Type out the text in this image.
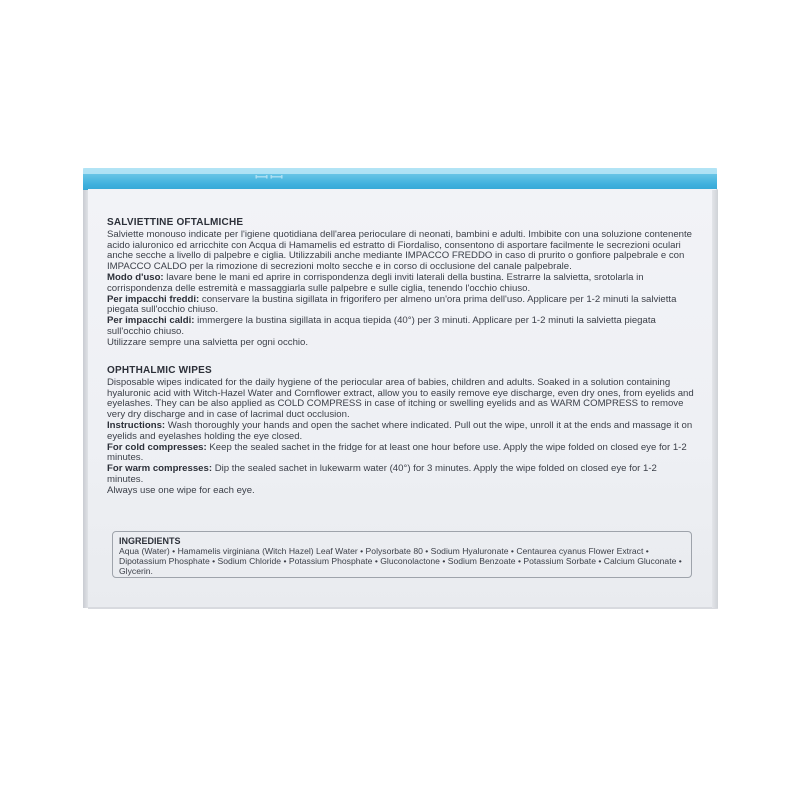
ꟷꟷ
SALVIETTINE OFTALMICHE

Salviette monouso indicate per l'igiene quotidiana dell'area perioculare di neonati, bambini e adulti. Imbibite con una soluzione contenente acido ialuronico ed arricchite con Acqua di Hamamelis ed estratto di Fiordaliso, consentono di asportare facilmente le secrezioni oculari anche secche a livello di palpebre e ciglia. Utilizzabili anche mediante IMPACCO FREDDO in caso di prurito o gonfiore palpebrale e con IMPACCO CALDO per la rimozione di secrezioni molto secche e in corso di occlusione del canale palpebrale.

Modo d'uso: lavare bene le mani ed aprire in corrispondenza degli inviti laterali della bustina. Estrarre la salvietta, srotolarla in corrispondenza delle estremità e massaggiarla sulle palpebre e sulle ciglia, tenendo l'occhio chiuso.

Per impacchi freddi: conservare la bustina sigillata in frigorifero per almeno un'ora prima dell'uso. Applicare per 1-2 minuti la salvietta piegata sull'occhio chiuso.

Per impacchi caldi: immergere la bustina sigillata in acqua tiepida (40°) per 3 minuti. Applicare per 1-2 minuti la salvietta piegata sull'occhio chiuso.

Utilizzare sempre una salvietta per ogni occhio.

OPHTHALMIC WIPES

Disposable wipes indicated for the daily hygiene of the periocular area of babies, children and adults. Soaked in a solution containing hyaluronic acid with Witch-Hazel Water and Cornflower extract, allow you to easily remove eye discharge, even dry ones, from eyelids and eyelashes. They can be also applied as COLD COMPRESS in case of itching or swelling eyelids and as WARM COMPRESS to remove very dry discharge and in case of lacrimal duct occlusion.

Instructions: Wash thoroughly your hands and open the sachet where indicated. Pull out the wipe, unroll it at the ends and massage it on eyelids and eyelashes holding the eye closed.

For cold compresses: Keep the sealed sachet in the fridge for at least one hour before use. Apply the wipe folded on closed eye for 1-2 minutes.

For warm compresses: Dip the sealed sachet in lukewarm water (40°) for 3 minutes. Apply the wipe folded on closed eye for 1-2 minutes.

Always use one wipe for each eye.

INGREDIENTS
Aqua (Water) • Hamamelis virginiana (Witch Hazel) Leaf Water • Polysorbate 80 • Sodium Hyaluronate • Centaurea cyanus Flower Extract • Dipotassium Phosphate • Sodium Chloride • Potassium Phosphate • Gluconolactone • Sodium Benzoate • Potassium Sorbate • Calcium Gluconate • Glycerin.
